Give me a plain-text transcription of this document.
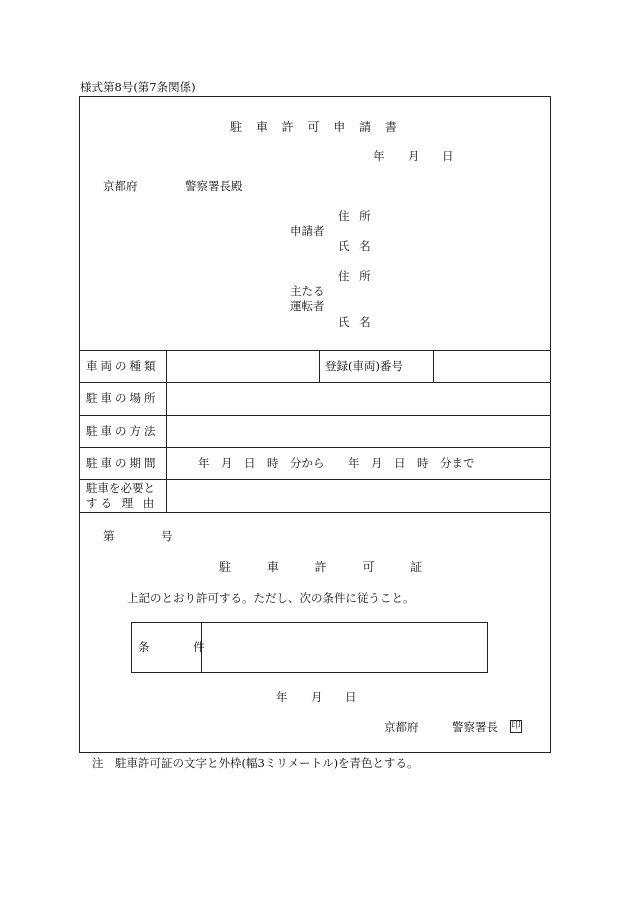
様式第8号(第7条関係)
駐 車 許 可 申 請 書
年 月 日
京都府	警察署長殿
住 所
申請者
氏 名
住 所
主たる
運転者
氏 名
車両の種類	登録(車両)番号
駐車の場所
駐車の方法
駐車の期間	年 月 日 時 分から 年 月 日 時 分まで
駐車を必要と
する 理 由
第	号
駐 車 許 可 証
上記のとおり許可する。ただし、次の条件に従うこと。
条 件
年 月 日
京都府	警察署長 印
注　駐車許可証の文字と外枠(幅3ミリメートル)を青色とする。
